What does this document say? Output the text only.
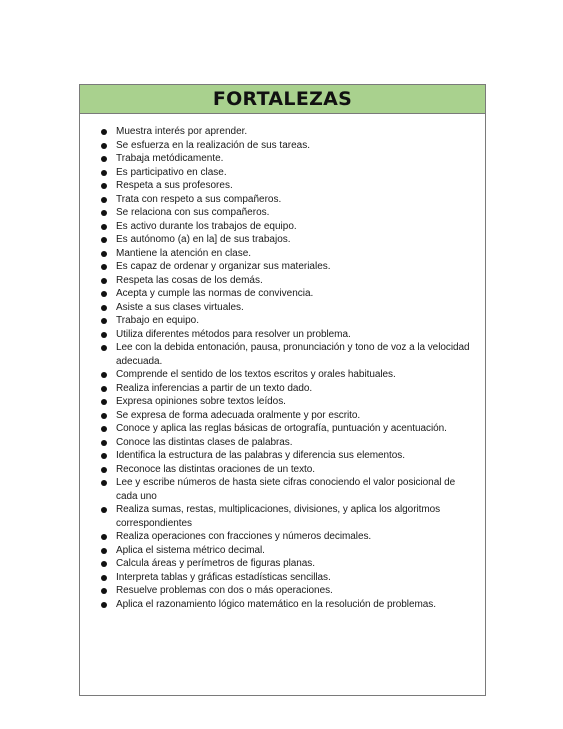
FORTALEZAS
Muestra interés por aprender.
Se esfuerza en la realización de sus tareas.
Trabaja metódicamente.
Es participativo en clase.
Respeta a sus profesores.
Trata con respeto a sus compañeros.
Se relaciona con sus compañeros.
Es activo durante los trabajos de equipo.
Es autónomo (a) en la] de sus trabajos.
Mantiene la atención en clase.
Es capaz de ordenar y organizar sus materiales.
Respeta las cosas de los demás.
Acepta y cumple las normas de convivencia.
Asiste a sus clases virtuales.
Trabajo en equipo.
Utiliza diferentes métodos para resolver un problema.
Lee con la debida entonación, pausa, pronunciación y tono de voz a la velocidad adecuada.
Comprende el sentido de los textos escritos y orales habituales.
Realiza inferencias a partir de un texto dado.
Expresa opiniones sobre textos leídos.
Se expresa de forma adecuada oralmente y por escrito.
Conoce y aplica las reglas básicas de ortografía, puntuación y acentuación.
Conoce las distintas clases de palabras.
Identifica la estructura de las palabras y diferencia sus elementos.
Reconoce las distintas oraciones de un texto.
Lee y escribe números de hasta siete cifras conociendo el valor posicional de cada uno
Realiza sumas, restas, multiplicaciones, divisiones, y aplica los algoritmos correspondientes
Realiza operaciones con fracciones y números decimales.
Aplica el sistema métrico decimal.
Calcula áreas y perímetros de figuras planas.
Interpreta tablas y gráficas estadísticas sencillas.
Resuelve problemas con dos o más operaciones.
Aplica el razonamiento lógico matemático en la resolución de problemas.
